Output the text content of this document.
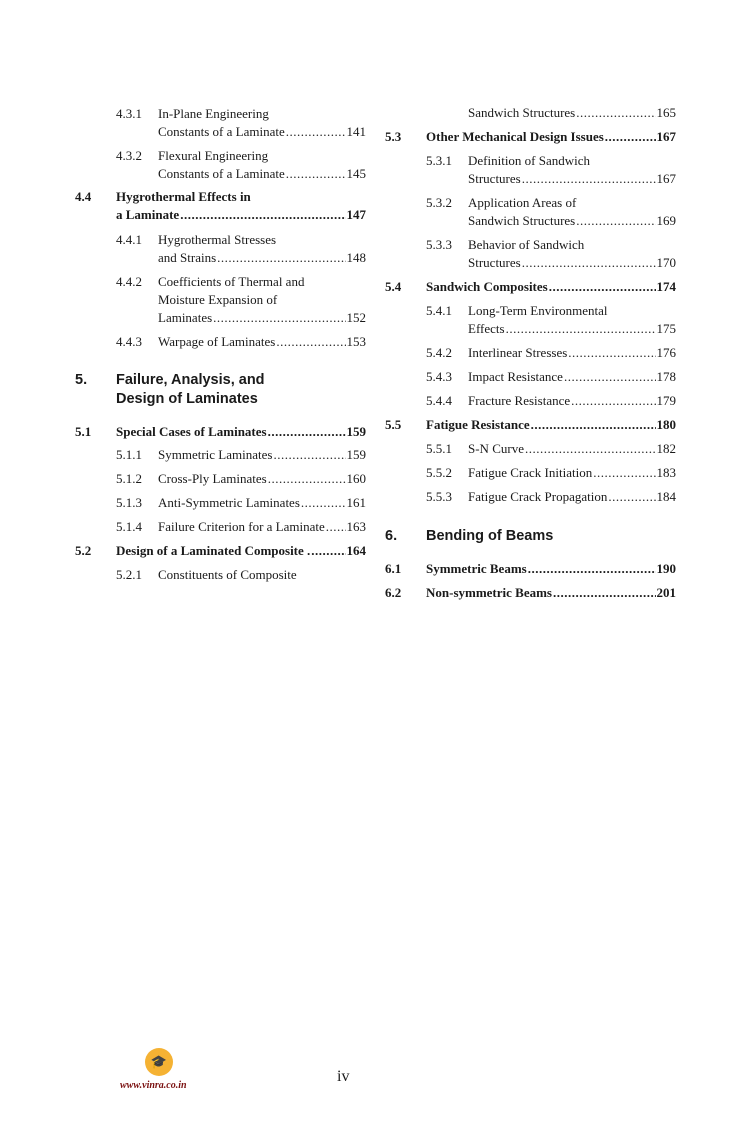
4.3.1 In-Plane Engineering
Constants of a Laminate .....	141
4.3.2 Flexural Engineering
Constants of a Laminate .....	145
4.4 Hygrothermal Effects in
a Laminate .....	147
4.4.1 Hygrothermal Stresses
and Strains .....	148
4.4.2 Coefficients of Thermal and
Moisture Expansion of
Laminates .....	152
4.4.3 Warpage of Laminates .....	153
5. Failure, Analysis, and
Design of Laminates
5.1 Special Cases of Laminates .....	159
5.1.1 Symmetric Laminates .....	159
5.1.2 Cross-Ply Laminates .....	160
5.1.3 Anti-Symmetric Laminates .....	161
5.1.4 Failure Criterion for a Laminate ..... 163
5.2 Design of a Laminated Composite . .....	164
5.2.1 Constituents of Composite
Sandwich Structures .....	165
5.3 Other Mechanical Design Issues .....	167
5.3.1 Definition of Sandwich
Structures .....	167
5.3.2 Application Areas of
Sandwich Structures .....	169
5.3.3 Behavior of Sandwich
Structures .....	170
5.4 Sandwich Composites .....	174
5.4.1 Long-Term Environmental
Effects .....	175
5.4.2 Interlinear Stresses .....	176
5.4.3 Impact Resistance .....	178
5.4.4 Fracture Resistance .....	179
5.5 Fatigue Resistance .....	180
5.5.1 S-N Curve .....	182
5.5.2 Fatigue Crack Initiation .....	183
5.5.3 Fatigue Crack Propagation .....	184
6. Bending of Beams
6.1 Symmetric Beams .....	190
6.2 Non-symmetric Beams .....	201
🎓
www.vinra.co.in
iv
